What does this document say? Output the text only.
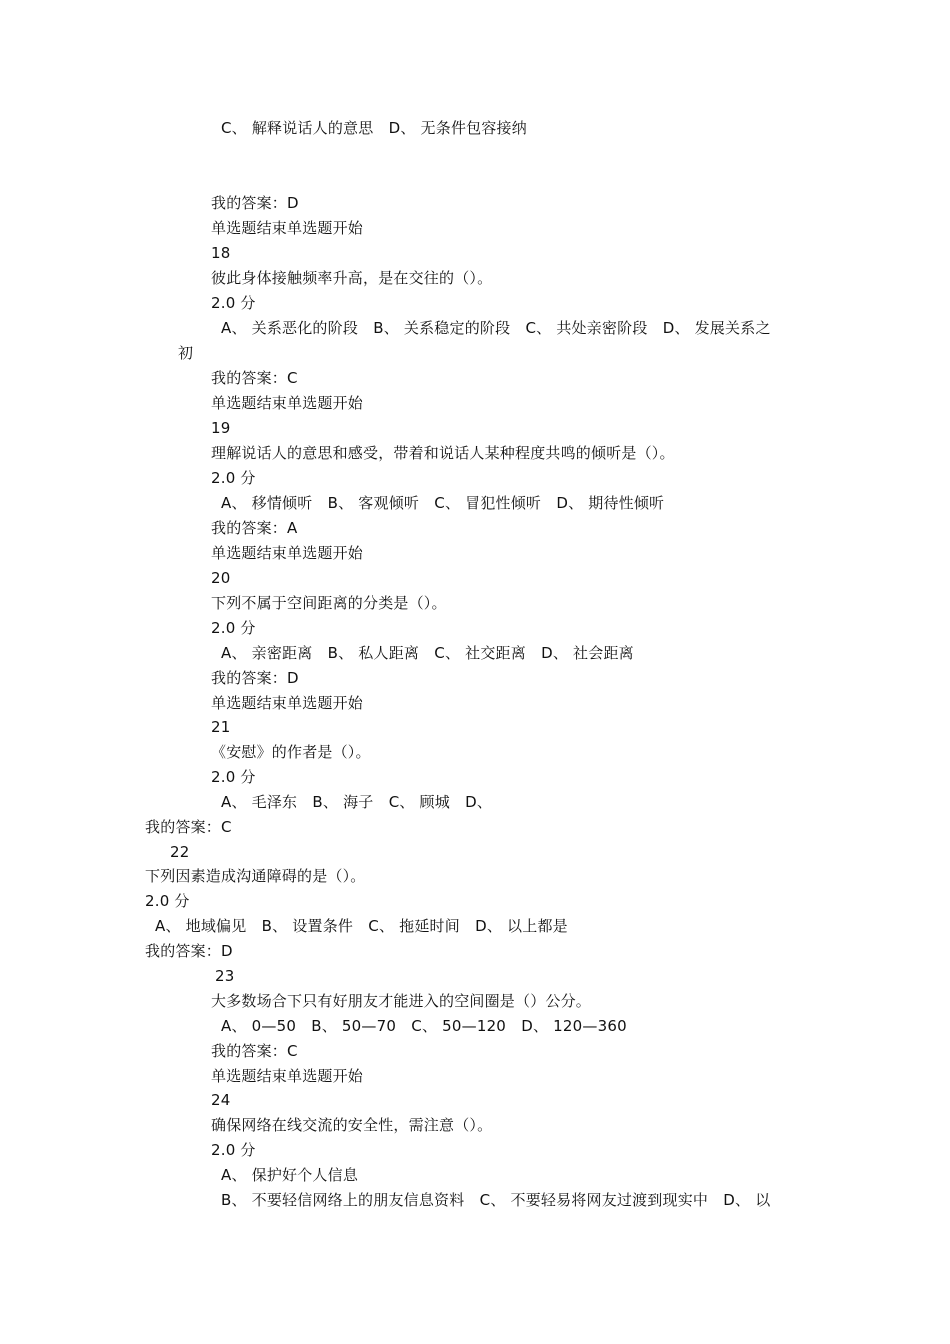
C、 解释说话人的意思　D、 无条件包容接纳
我的答案：D
单选题结束单选题开始
18
彼此身体接触频率升高，是在交往的（）。
2.0 分
A、 关系恶化的阶段　B、 关系稳定的阶段　C、 共处亲密阶段　D、 发展关系之
初
我的答案：C
单选题结束单选题开始
19
理解说话人的意思和感受，带着和说话人某种程度共鸣的倾听是（）。
2.0 分
A、 移情倾听　B、 客观倾听　C、 冒犯性倾听　D、 期待性倾听
我的答案：A
单选题结束单选题开始
20
下列不属于空间距离的分类是（）。
2.0 分
A、 亲密距离　B、 私人距离　C、 社交距离　D、 社会距离
我的答案：D
单选题结束单选题开始
21
《安慰》的作者是（）。
2.0 分
A、 毛泽东　B、 海子　C、 顾城　D、
我的答案：C
22
下列因素造成沟通障碍的是（）。
2.0 分
A、 地域偏见　B、 设置条件　C、 拖延时间　D、 以上都是
我的答案：D
23
大多数场合下只有好朋友才能进入的空间圈是（）公分。
A、 0—50　B、 50—70　C、 50—120　D、 120—360
我的答案：C
单选题结束单选题开始
24
确保网络在线交流的安全性，需注意（）。
2.0 分
A、 保护好个人信息
B、 不要轻信网络上的朋友信息资料　C、 不要轻易将网友过渡到现实中　D、 以
